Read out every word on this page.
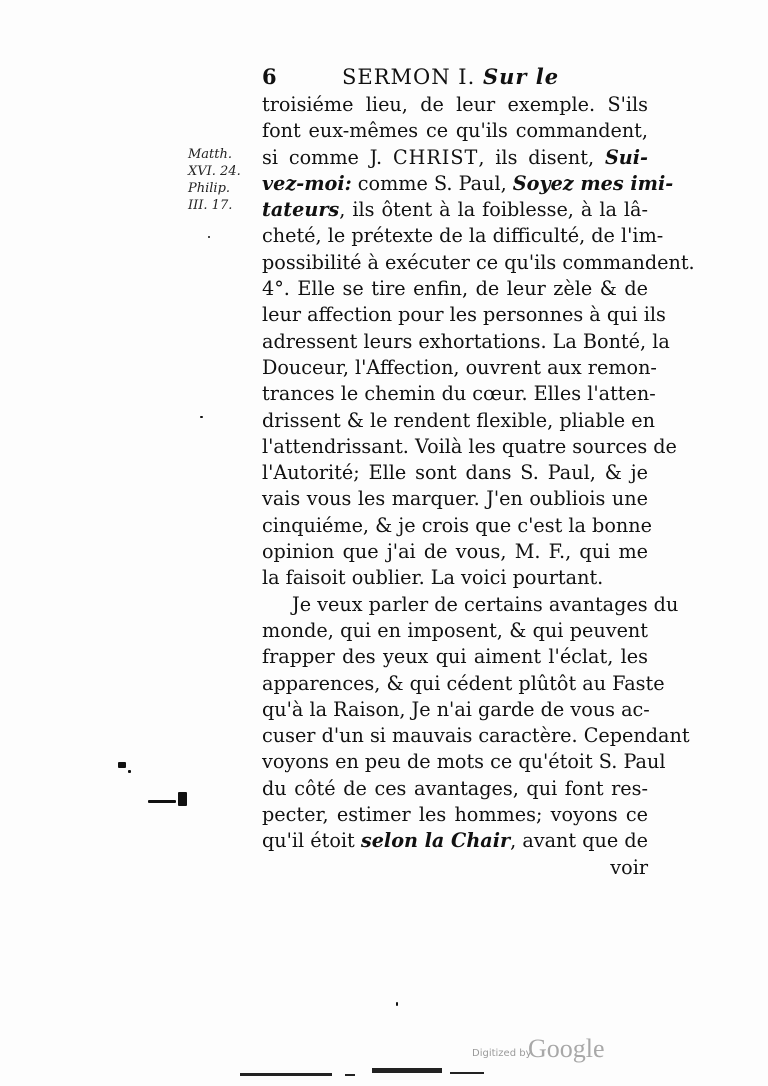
6	SERMON I. Sur le
Matth.
XVI. 24.
Philip.
III. 17.
troisiéme lieu, de leur exemple. S'ils
font eux-mêmes ce qu'ils commandent,
si comme J. CHRIST, ils disent, Sui-
vez-moi: comme S. Paul, Soyez mes imi-
tateurs, ils ôtent à la foiblesse, à la lâ-
cheté, le prétexte de la difficulté, de l'im-
possibilité à exécuter ce qu'ils commandent.
4°. Elle se tire enfin, de leur zèle & de
leur affection pour les personnes à qui ils
adressent leurs exhortations. La Bonté, la
Douceur, l'Affection, ouvrent aux remon-
trances le chemin du cœur. Elles l'atten-
drissent & le rendent flexible, pliable en
l'attendrissant. Voilà les quatre sources de
l'Autorité; Elle sont dans S. Paul, & je
vais vous les marquer. J'en oubliois une
cinquiéme, & je crois que c'est la bonne
opinion que j'ai de vous, M. F., qui me
la faisoit oublier. La voici pourtant.
Je veux parler de certains avantages du
monde, qui en imposent, & qui peuvent
frapper des yeux qui aiment l'éclat, les
apparences, & qui cédent plûtôt au Faste
qu'à la Raison, Je n'ai garde de vous ac-
cuser d'un si mauvais caractère. Cependant
voyons en peu de mots ce qu'étoit S. Paul
du côté de ces avantages, qui font res-
pecter, estimer les hommes; voyons ce
qu'il étoit selon la Chair, avant que de
voir
Digitized by
Google
